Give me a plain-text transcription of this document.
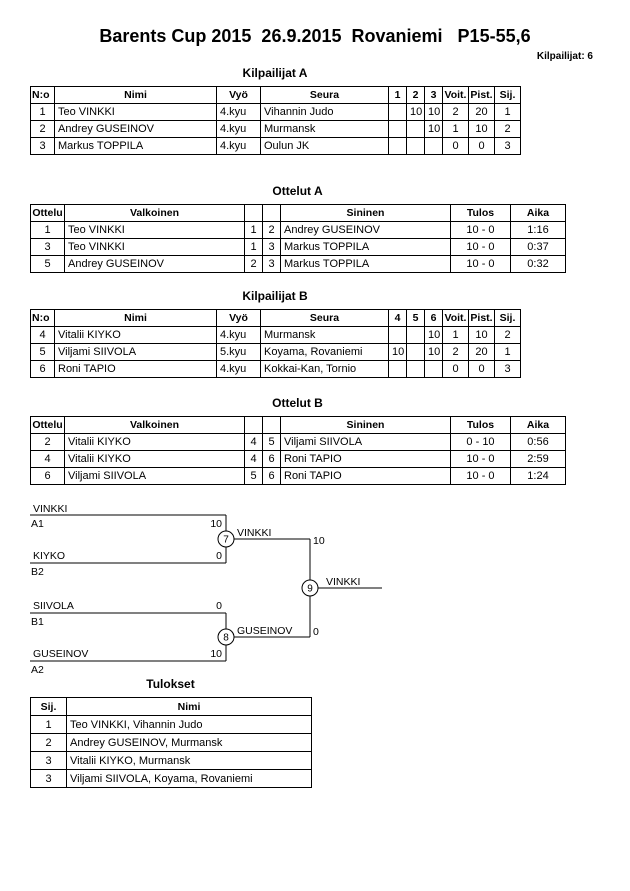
Barents Cup 2015  26.9.2015  Rovaniemi   P15-55,6
Kilpailijat: 6
Kilpailijat A
N:o	Nimi	Vyö	Seura	1	2	3	Voit.	Pist.	Sij.
1	Teo VINKKI	4.kyu	Vihannin Judo		10	10	2	20	1
2	Andrey GUSEINOV	4.kyu	Murmansk			10	1	10	2
3	Markus TOPPILA	4.kyu	Oulun JK				0	0	3
Ottelut A
Ottelu	Valkoinen			Sininen	Tulos	Aika
1	Teo VINKKI	1	2	Andrey GUSEINOV	10 - 0	1:16
3	Teo VINKKI	1	3	Markus TOPPILA	10 - 0	0:37
5	Andrey GUSEINOV	2	3	Markus TOPPILA	10 - 0	0:32
Kilpailijat B
N:o	Nimi	Vyö	Seura	4	5	6	Voit.	Pist.	Sij.
4	Vitalii KIYKO	4.kyu	Murmansk			10	1	10	2
5	Viljami SIIVOLA	5.kyu	Koyama, Rovaniemi	10		10	2	20	1
6	Roni TAPIO	4.kyu	Kokkai-Kan, Tornio				0	0	3
Ottelut B
Ottelu	Valkoinen			Sininen	Tulos	Aika
2	Vitalii KIYKO	4	5	Viljami SIIVOLA	0 - 10	0:56
4	Vitalii KIYKO	4	6	Roni TAPIO	10 - 0	2:59
6	Viljami SIIVOLA	5	6	Roni TAPIO	10 - 0	1:24
VINKKI
A1	10
KIYKO
B2
0
7
VINKKI
10
SIIVOLA
B1
0
GUSEINOV
A2
10
8
GUSEINOV 0
9
VINKKI
Tulokset
Sij.	Nimi
1	Teo VINKKI, Vihannin Judo
2	Andrey GUSEINOV, Murmansk
3	Vitalii KIYKO, Murmansk
3	Viljami SIIVOLA, Koyama, Rovaniemi
